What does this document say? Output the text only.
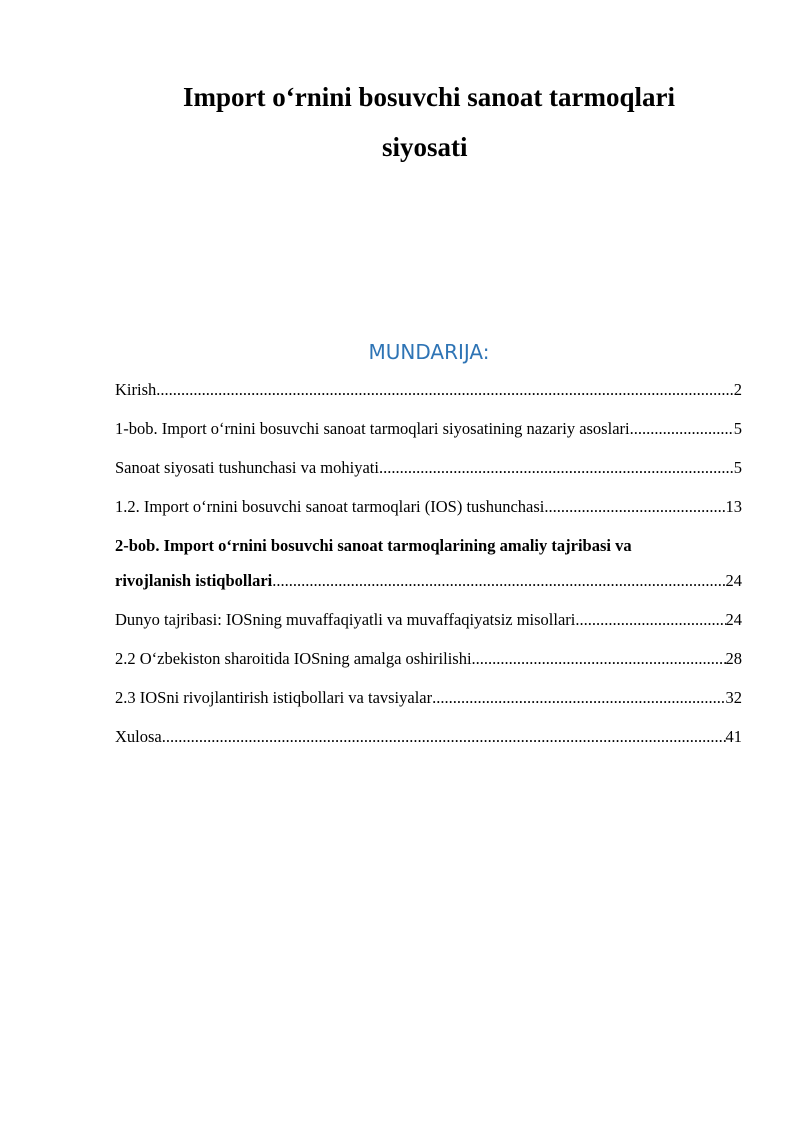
Import o‘rnini bosuvchi sanoat tarmoqlari
siyosati
MUNDARIJA:
Kirish .....	2
1-bob. Import o‘rnini bosuvchi sanoat tarmoqlari siyosatining nazariy asoslari .....	5
Sanoat siyosati tushunchasi va mohiyati .....	5
1.2. Import o‘rnini bosuvchi sanoat tarmoqlari (IOS) tushunchasi .....	13
2-bob. Import o‘rnini bosuvchi sanoat tarmoqlarining amaliy tajribasi va
rivojlanish istiqbollari .....	24
Dunyo tajribasi: IOSning muvaffaqiyatli va muvaffaqiyatsiz misollari .....	24
2.2 O‘zbekiston sharoitida IOSning amalga oshirilishi .....	28
2.3 IOSni rivojlantirish istiqbollari va tavsiyalar .....	32
Xulosa .....	41
